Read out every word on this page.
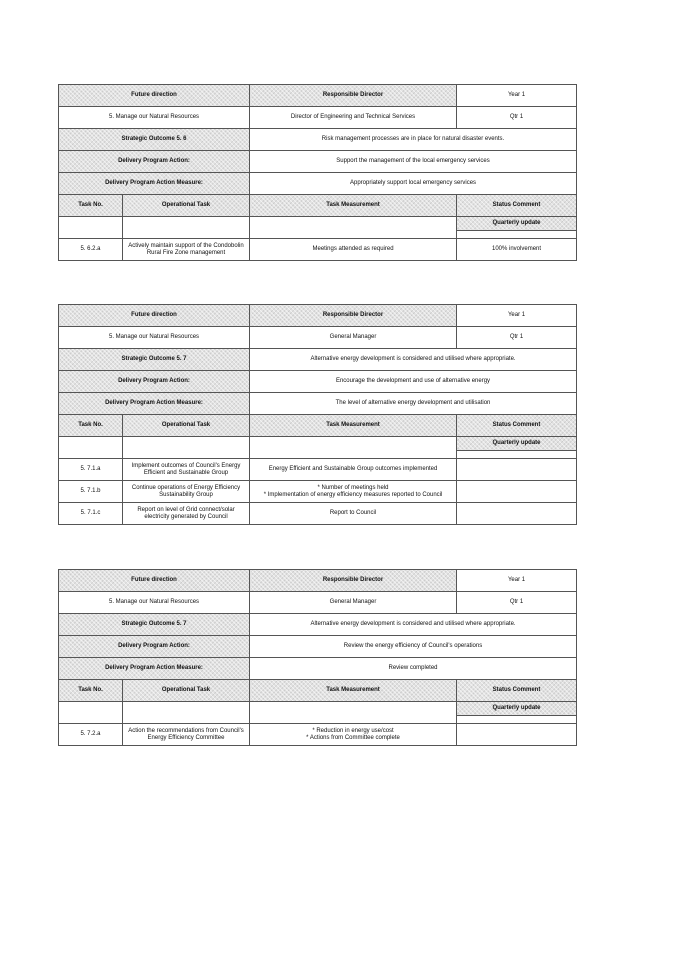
Future direction		Responsible Director	Year 1
5. Manage our Natural Resources		Director of Engineering and Technical Services	Qtr 1
Strategic Outcome 5. 6		Risk management processes are in place for natural disaster events.	
Delivery Program Action:		Support the management of the local emergency services	
Delivery Program Action Measure:		Appropriately support local emergency services	
Task No.	Operational Task	Task Measurement	Status Comment

			Quarterly update

5. 6.2.a	Actively maintain support of the Condobolin Rural Fire Zone management	Meetings attended as required	100% involvement
Future direction		Responsible Director	Year 1
5. Manage our Natural Resources		General Manager	Qtr 1
Strategic Outcome 5. 7		Alternative energy development is considered and utilised where appropriate.	
Delivery Program Action:		Encourage the development and use of alternative energy	
Delivery Program Action Measure:		The level of alternative energy development and utilisation	
Task No.	Operational Task	Task Measurement	Status Comment

			Quarterly update

5. 7.1.a	Implement outcomes of Council's Energy Efficient and Sustainable Group	Energy Efficient and Sustainable Group outcomes implemented	
5. 7.1.b	Continue operations of Energy Efficiency Sustainability Group	* Number of meetings held
* Implementation of energy efficiency measures reported to Council	
5. 7.1.c	Report on level of Grid connect/solar electricity generated by Council	Report to Council	
Future direction		Responsible Director	Year 1
5. Manage our Natural Resources		General Manager	Qtr 1
Strategic Outcome 5. 7		Alternative energy development is considered and utilised where appropriate.	
Delivery Program Action:		Review the energy efficiency of Council's operations	
Delivery Program Action Measure:		Review completed	
Task No.	Operational Task	Task Measurement	Status Comment

			Quarterly update

5. 7.2.a	Action the recommendations from Council's Energy Efficiency Committee	* Reduction in energy use/cost
* Actions from Committee complete	
